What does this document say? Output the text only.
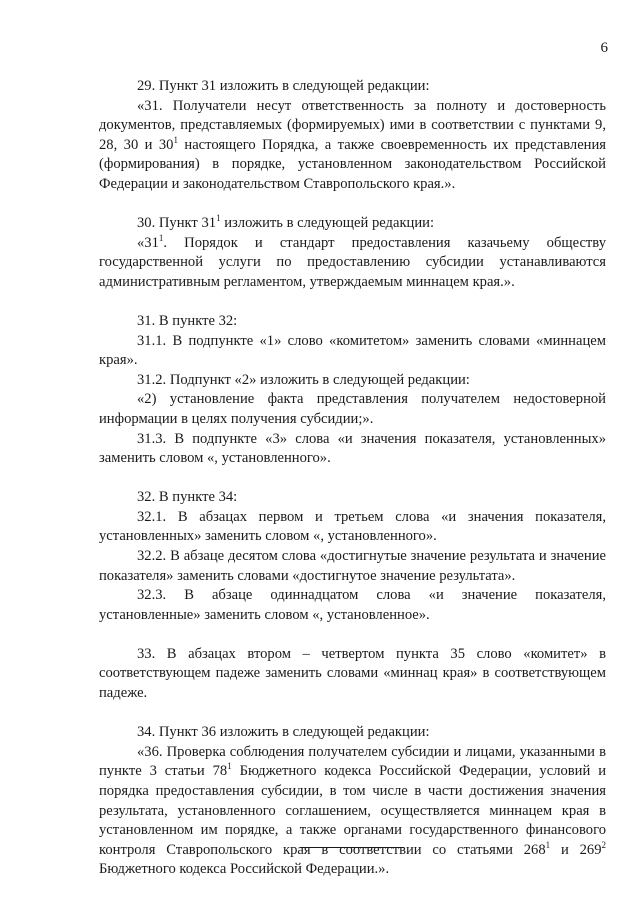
6

29. Пункт 31 изложить в следующей редакции:

«31. Получатели несут ответственность за полноту и достоверность документов, представляемых (формируемых) ими в соответствии с пунктами 9, 28, 30 и $30^1$ настоящего Порядка, а также своевременность их представления (формирования) в порядке, установленном законодательством Российской Федерации и законодательством Ставропольского края.».

30. Пункт $31^1$ изложить в следующей редакции:

«$31^1$. Порядок и стандарт предоставления казачьему обществу государственной услуги по предоставлению субсидии устанавливаются административным регламентом, утверждаемым миннацем края.».

31. В пункте 32:

31.1. В подпункте «1» слово «комитетом» заменить словами «миннацем края».

31.2. Подпункт «2» изложить в следующей редакции:

«2) установление факта представления получателем недостоверной информации в целях получения субсидии;».

31.3. В подпункте «3» слова «и значения показателя, установленных» заменить словом «, установленного».

32. В пункте 34:

32.1. В абзацах первом и третьем слова «и значения показателя, установленных» заменить словом «, установленного».

32.2. В абзаце десятом слова «достигнутые значение результата и значение показателя» заменить словами «достигнутое значение результата».

32.3. В абзаце одиннадцатом слова «и значение показателя, установленные» заменить словом «, установленное».

33. В абзацах втором – четвертом пункта 35 слово «комитет» в соответствующем падеже заменить словами «миннац края» в соответствующем падеже.

34. Пункт 36 изложить в следующей редакции:

«36. Проверка соблюдения получателем субсидии и лицами, указанными в пункте 3 статьи $78^1$ Бюджетного кодекса Российской Федерации, условий и порядка предоставления субсидии, в том числе в части достижения значения результата, установленного соглашением, осуществляется миннацем края в установленном им порядке, а также органами государственного финансового контроля Ставропольского края в соответствии со статьями $268^1$ и $269^2$ Бюджетного кодекса Российской Федерации.».
